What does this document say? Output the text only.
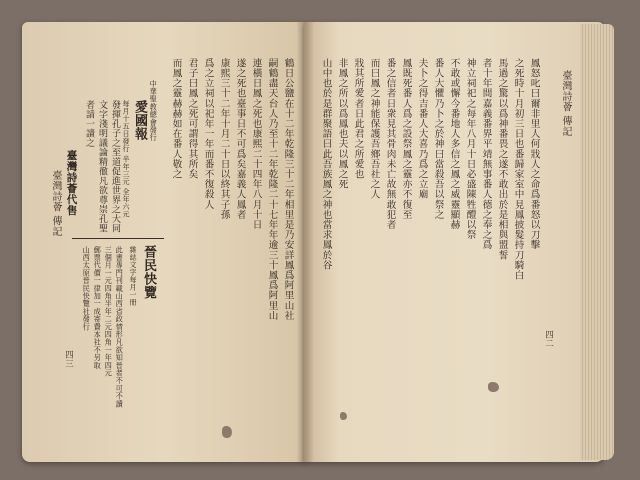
臺灣詩薈 傳記
四二
鳳怒叱曰爾非里人何戕人之命爲番怒以刀擊
之死時十月初三日也番歸家室中見鳳披髮持刀騎白
馬過之驚以爲神番畏之遂不敢出於是相與盟誓
者十年間嘉義番界平靖無事番人德之奉之爲
神立祠祀之每年八月十日必盛陳牲醴以祭
不敢或懈今番地人多信之鳳之威靈顯赫
番人大懼乃卜之於神曰當殺吾以祭之
夫卜之得吉番人大喜乃爲之立廟
鳳既死番人爲之設祭鳳之靈亦不復至
番之信者日衆見其骨肉未亡故無敢犯者
而曰鳳之神能保護吾鄉吾社之人
戕其所愛者日此君之所愛也
非鳳之所以爲鳳也夫以鳳之死
山中也於是群聚語曰此吾族鳳之神也當求鳳於谷
臺灣詩薈 傳記
四三
鶴日公鹽在十二年乾隆三十二年相里是乃安詳鳳爲阿里山社
嗣鶴盡天台人乃至十二年乾隆二十七年年逾三十鳳爲阿里山
連橫日鳳之死也康熙二十四年八月十日
遂之死也臺事日不可爲矣嘉義人鳳者
康熙三十二年十月二十日以終其子孫
爲之立祠以祀年一年而番不復殺人
君子曰鳳之死可謂得其所矣
而鳳之靈赫赫如在番人敬之
中華聖教總會發行
愛國報
每月十五日發行 半年三元 全年六元
發揮孔子之至道促進世界之大同
文字淺明議論精徹凡欲尊崇孔聖
者請一讀之
臺灣詩薈代售
晉民快覽
雜誌文字每月一冊
此書專門刊載山西省政情形凡欲知晉者不可不讀
三個月一元四角半年二元四角一年四元
郵票代價一律加一成寄費本社不另取
山西太原晉民快覽社發行
